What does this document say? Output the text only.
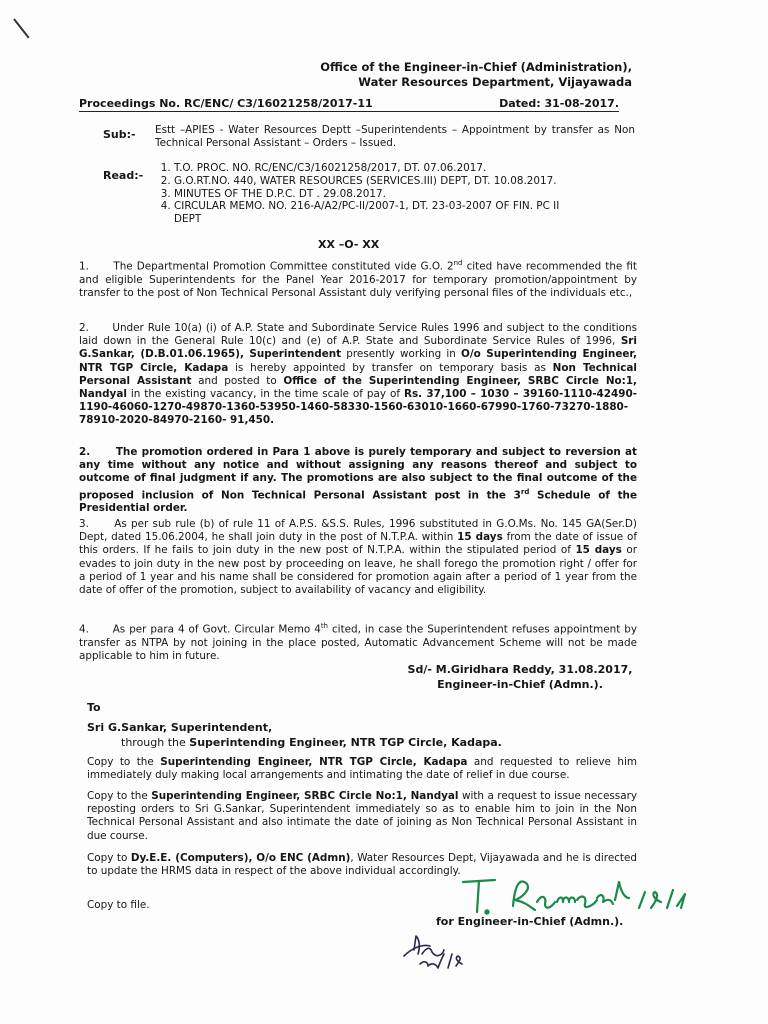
Office of the Engineer-in-Chief (Administration),
Water Resources Department, Vijayawada
Proceedings No. RC/ENC/ C3/16021258/2017-11	Dated: 31-08-2017.
Sub:- Estt –APIES - Water Resources Deptt –Superintendents – Appointment by transfer as Non Technical Personal Assistant – Orders – Issued.
Read:-
1. T.O. PROC. NO. RC/ENC/C3/16021258/2017, DT. 07.06.2017.
2. G.O.RT.NO. 440, WATER RESOURCES (SERVICES.III) DEPT, DT. 10.08.2017.
3. MINUTES OF THE D.P.C. DT . 29.08.2017.
4. CIRCULAR MEMO. NO. 216-A/A2/PC-II/2007-1, DT. 23-03-2007 OF FIN. PC II DEPT
XX –O- XX
1. The Departmental Promotion Committee constituted vide G.O. 2nd cited have recommended the fit and eligible Superintendents for the Panel Year 2016-2017 for temporary promotion/appointment by transfer to the post of Non Technical Personal Assistant duly verifying personal files of the individuals etc.,
2. Under Rule 10(a) (i) of A.P. State and Subordinate Service Rules 1996 and subject to the conditions laid down in the General Rule 10(c) and (e) of A.P. State and Subordinate Service Rules of 1996, Sri G.Sankar, (D.B.01.06.1965), Superintendent presently working in O/o Superintending Engineer, NTR TGP Circle, Kadapa is hereby appointed by transfer on temporary basis as Non Technical Personal Assistant and posted to Office of the Superintending Engineer, SRBC Circle No:1, Nandyal in the existing vacancy, in the time scale of pay of Rs. 37,100 – 1030 – 39160-1110-42490-1190-46060-1270-49870-1360-53950-1460-58330-1560-63010-1660-67990-1760-73270-1880-78910-2020-84970-2160- 91,450.
2. The promotion ordered in Para 1 above is purely temporary and subject to reversion at any time without any notice and without assigning any reasons thereof and subject to outcome of final judgment if any. The promotions are also subject to the final outcome of the proposed inclusion of Non Technical Personal Assistant post in the 3rd Schedule of the Presidential order.
3. As per sub rule (b) of rule 11 of A.P.S. &S.S. Rules, 1996 substituted in G.O.Ms. No. 145 GA(Ser.D) Dept, dated 15.06.2004, he shall join duty in the post of N.T.P.A. within 15 days from the date of issue of this orders. If he fails to join duty in the new post of N.T.P.A. within the stipulated period of 15 days or evades to join duty in the new post by proceeding on leave, he shall forego the promotion right / offer for a period of 1 year and his name shall be considered for promotion again after a period of 1 year from the date of offer of the promotion, subject to availability of vacancy and eligibility.
4. As per para 4 of Govt. Circular Memo 4th cited, in case the Superintendent refuses appointment by transfer as NTPA by not joining in the place posted, Automatic Advancement Scheme will not be made applicable to him in future.
Sd/- M.Giridhara Reddy, 31.08.2017,
Engineer-in-Chief (Admn.).
To
Sri G.Sankar, Superintendent,
through the Superintending Engineer, NTR TGP Circle, Kadapa.
Copy to the Superintending Engineer, NTR TGP Circle, Kadapa and requested to relieve him immediately duly making local arrangements and intimating the date of relief in due course.
Copy to the Superintending Engineer, SRBC Circle No:1, Nandyal with a request to issue necessary reposting orders to Sri G.Sankar, Superintendent immediately so as to enable him to join in the Non Technical Personal Assistant and also intimate the date of joining as Non Technical Personal Assistant in due course.
Copy to Dy.E.E. (Computers), O/o ENC (Admn), Water Resources Dept, Vijayawada and he is directed to update the HRMS data in respect of the above individual accordingly.
Copy to file.
for Engineer-in-Chief (Admn.).
